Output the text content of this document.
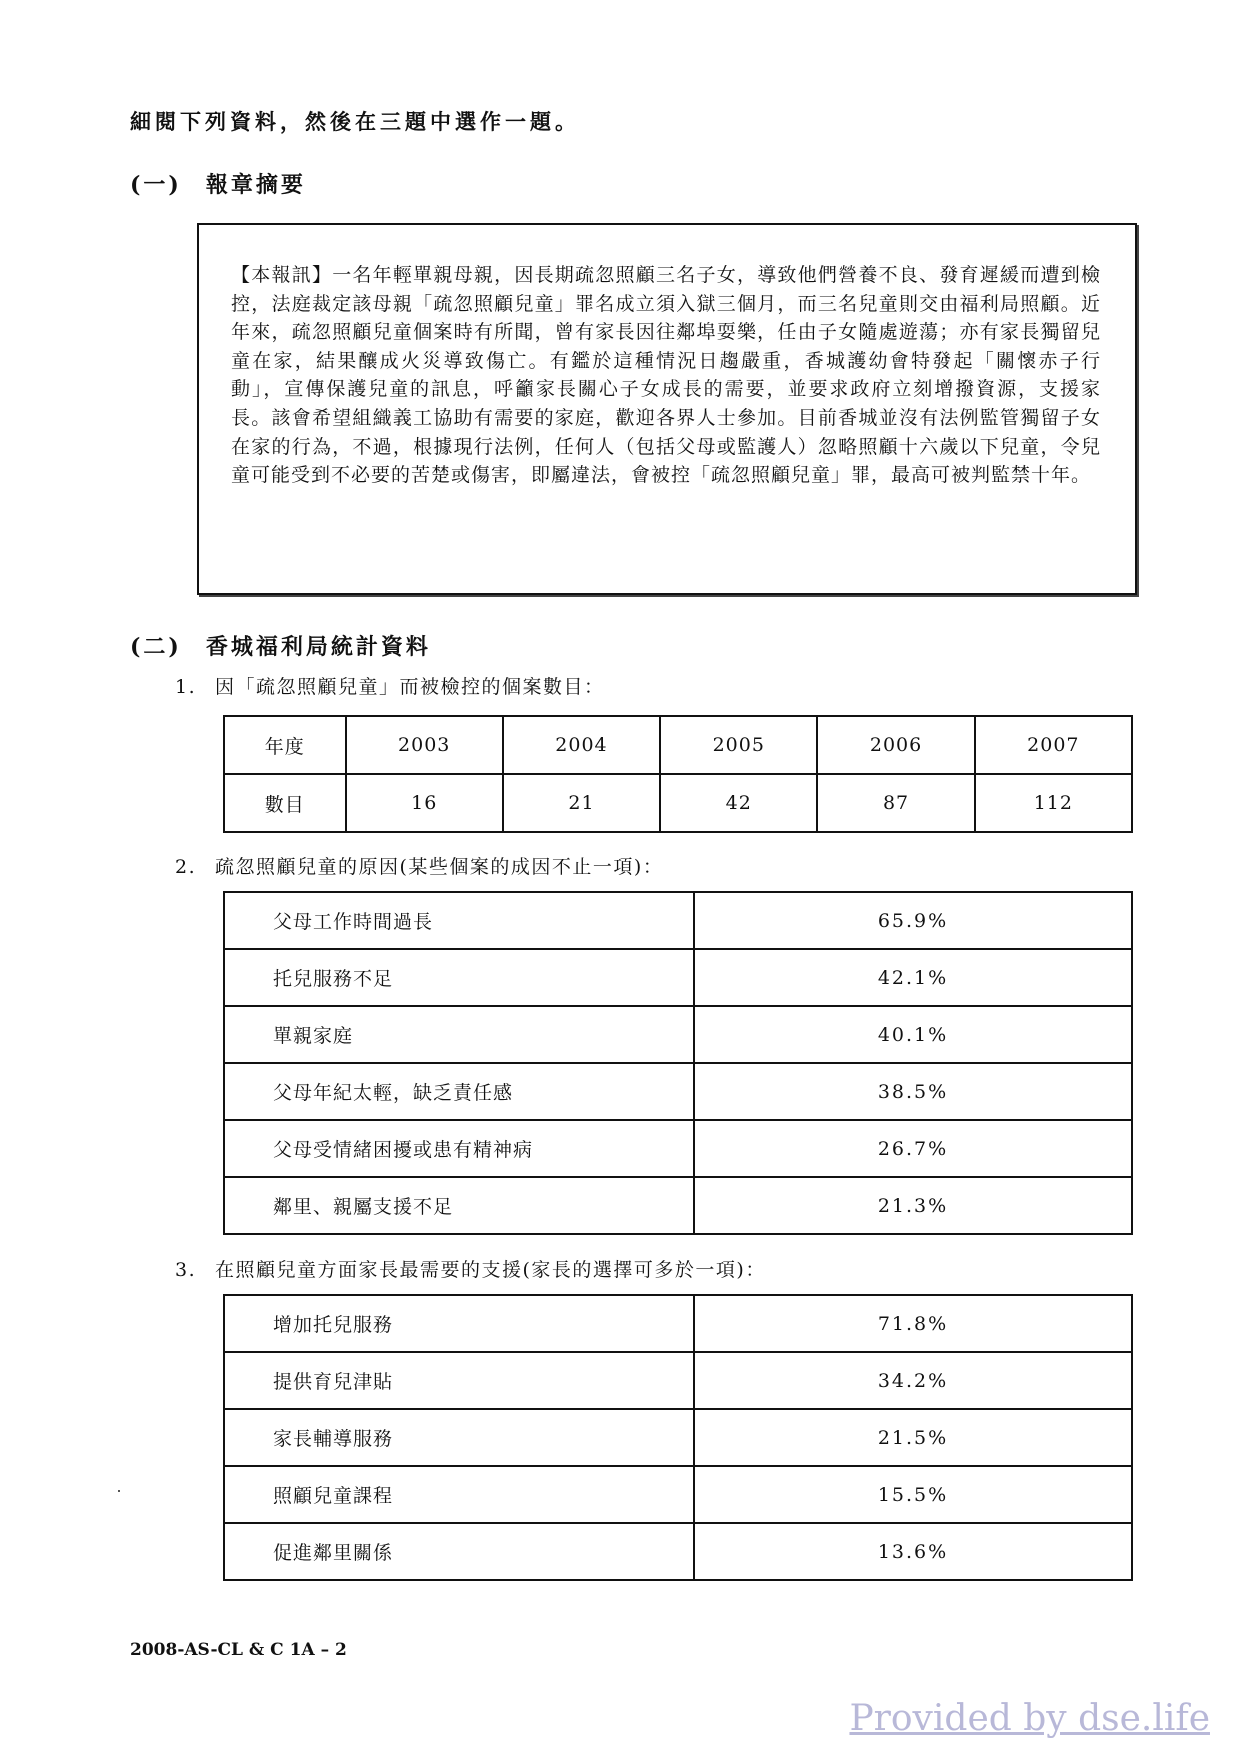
細閱下列資料，然後在三題中選作一題。
(一) 報章摘要

【本報訊】一名年輕單親母親，因長期疏忽照顧三名子女，導致他們營養不良、發育遲緩而遭到檢控，法庭裁定該母親「疏忽照顧兒童」罪名成立須入獄三個月，而三名兒童則交由福利局照顧。近年來，疏忽照顧兒童個案時有所聞，曾有家長因往鄰埠耍樂，任由子女隨處遊蕩；亦有家長獨留兒童在家，結果釀成火災導致傷亡。有鑑於這種情況日趨嚴重，香城護幼會特發起「關懷赤子行動」，宣傳保護兒童的訊息，呼籲家長關心子女成長的需要，並要求政府立刻增撥資源，支援家長。該會希望組織義工協助有需要的家庭，歡迎各界人士參加。目前香城並沒有法例監管獨留子女在家的行為，不過，根據現行法例，任何人（包括父母或監護人）忽略照顧十六歲以下兒童，令兒童可能受到不必要的苦楚或傷害，即屬違法，會被控「疏忽照顧兒童」罪，最高可被判監禁十年。

(二) 香城福利局統計資料
1. 因「疏忽照顧兒童」而被檢控的個案數目：
年度	2003	2004	2005	2006	2007
數目	16	21	42	87	112
2. 疏忽照顧兒童的原因(某些個案的成因不止一項)：
父母工作時間過長	65.9%
托兒服務不足	42.1%
單親家庭	40.1%
父母年紀太輕，缺乏責任感	38.5%
父母受情緒困擾或患有精神病	26.7%
鄰里、親屬支援不足	21.3%
3. 在照顧兒童方面家長最需要的支援(家長的選擇可多於一項)：
增加托兒服務	71.8%
提供育兒津貼	34.2%
家長輔導服務	21.5%
照顧兒童課程	15.5%
促進鄰里關係	13.6%
2008-AS-CL & C 1A – 2
Provided by dse.life
